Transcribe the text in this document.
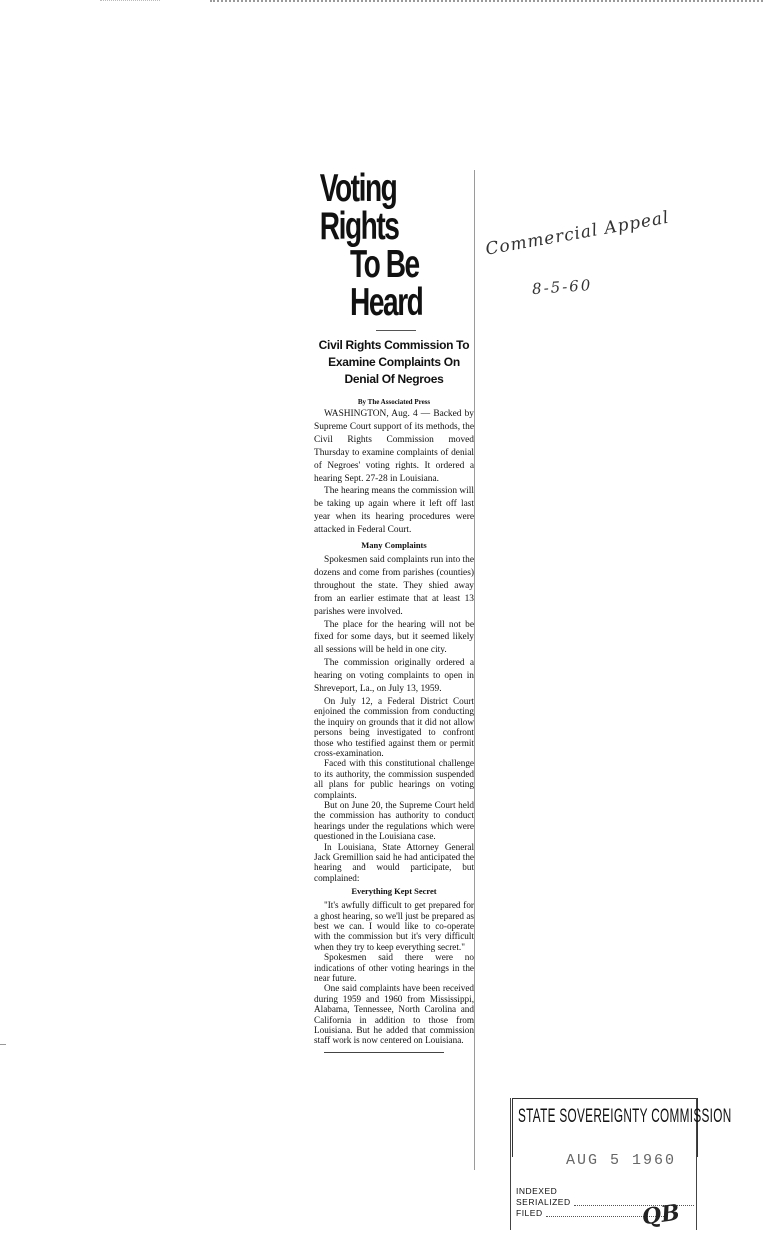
Voting Rights
To Be Heard
Civil Rights Commission To
Examine Complaints On
Denial Of Negroes
By The Associated Press

WASHINGTON, Aug. 4 — Backed by Supreme Court support of its methods, the Civil Rights Commission moved Thursday to examine complaints of denial of Negroes' voting rights. It ordered a hearing Sept. 27-28 in Louisiana.

The hearing means the commission will be taking up again where it left off last year when its hearing procedures were attacked in Federal Court.

Many Complaints

Spokesmen said complaints run into the dozens and come from parishes (counties) throughout the state. They shied away from an earlier estimate that at least 13 parishes were involved.

The place for the hearing will not be fixed for some days, but it seemed likely all sessions will be held in one city.

The commission originally ordered a hearing on voting complaints to open in Shreveport, La., on July 13, 1959.

On July 12, a Federal District Court enjoined the commission from conducting the inquiry on grounds that it did not allow persons being investigated to confront those who testified against them or permit cross-examination.

Faced with this constitutional challenge to its authority, the commission suspended all plans for public hearings on voting complaints.

But on June 20, the Supreme Court held the commission has authority to conduct hearings under the regulations which were questioned in the Louisiana case.

In Louisiana, State Attorney General Jack Gremillion said he had anticipated the hearing and would participate, but complained:

Everything Kept Secret

"It's awfully difficult to get prepared for a ghost hearing, so we'll just be prepared as best we can. I would like to co-operate with the commission but it's very difficult when they try to keep everything secret."

Spokesmen said there were no indications of other voting hearings in the near future.

One said complaints have been received during 1959 and 1960 from Mississippi, Alabama, Tennessee, North Carolina and California in addition to those from Louisiana. But he added that commission staff work is now centered on Louisiana.

Commercial Appeal
8-5-60
STATE SOVEREIGNTY COMMISSION
AUG 5 1960
INDEXED
SERIALIZED
FILED	QB
